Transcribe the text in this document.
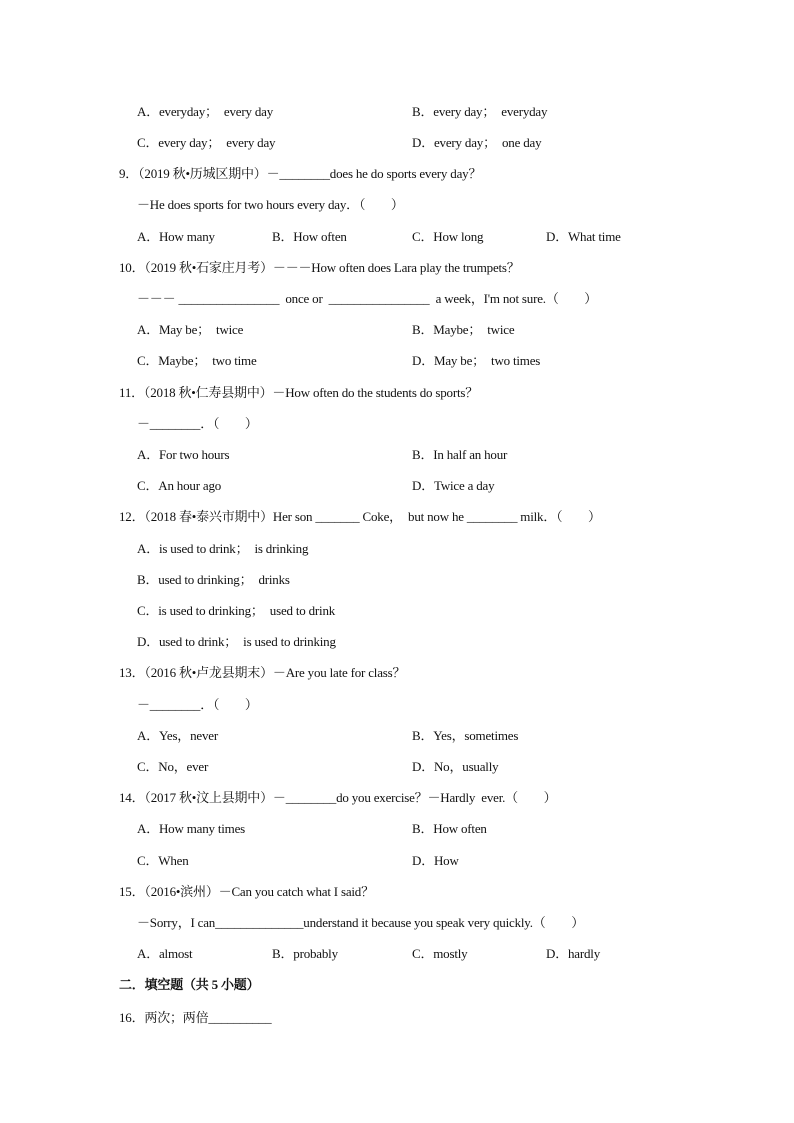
A．everyday；  every day	B．every day；  everyday
C．every day；  every day	D．every day；  one day
9．（2019 秋•历城区期中）－________does he do sports every day？
－He does sports for two hours every day．（　　）
A．How many	B．How often	C．How long	D．What time
10．（2019 秋•石家庄月考）－－－How often does Lara play the trumpets？
－－－ ________________  once or  ________________  a week，I'm not sure.（　　）
A．May be；  twice	B．Maybe；  twice
C．Maybe；  two time	D．May be；  two times
11．（2018 秋•仁寿县期中）－How often do the students do sports？
－________．（　　）
A．For two hours	B．In half an hour
C．An hour ago	D．Twice a day
12．（2018 春•泰兴市期中）Her son _______ Coke，  but now he ________ milk．（　　）
A．is used to drink；  is drinking
B．used to drinking；  drinks
C．is used to drinking；  used to drink
D．used to drink；  is used to drinking
13．（2016 秋•卢龙县期末）－Are you late for class？
－________．（　　）
A．Yes，never	B．Yes，sometimes
C．No，ever	D．No，usually
14．（2017 秋•汶上县期中）－________do you exercise？－Hardly  ever.（　　）
A．How many times	B．How often
C．When	D．How
15．（2016•滨州）－Can you catch what I said？
－Sorry，I can______________understand it because you speak very quickly.（　　）
A．almost	B．probably	C．mostly	D．hardly
二．填空题（共 5 小题）
16．两次；两倍__________
